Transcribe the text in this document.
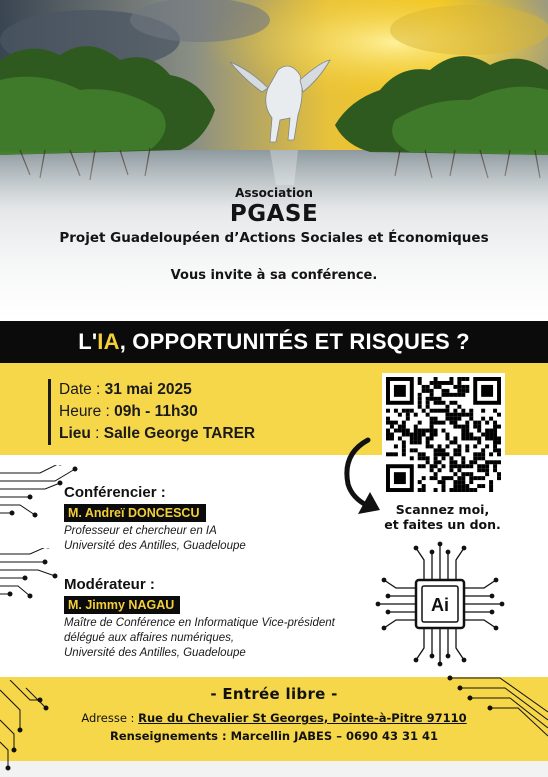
Association
PGASE
Projet Guadeloupéen d’Actions Sociales et Économiques
Vous invite à sa conférence.
L'IA, OPPORTUNITÉS ET RISQUES ?
Date : 31 mai 2025
Heure : 09h - 11h30
Lieu : Salle George TARER
Scannez moi,
et faites un don.
Conférencier :
M. Andreï DONCESCU
Professeur et chercheur en IA
Université des Antilles, Guadeloupe
Modérateur :
M. Jimmy NAGAU
Maître de Conférence en Informatique Vice-président
délégué aux affaires numériques,
Université des Antilles, Guadeloupe
Ai
- Entrée libre -
Adresse : Rue du Chevalier St Georges, Pointe-à-Pitre 97110
Renseignements : Marcellin JABES – 0690 43 31 41
